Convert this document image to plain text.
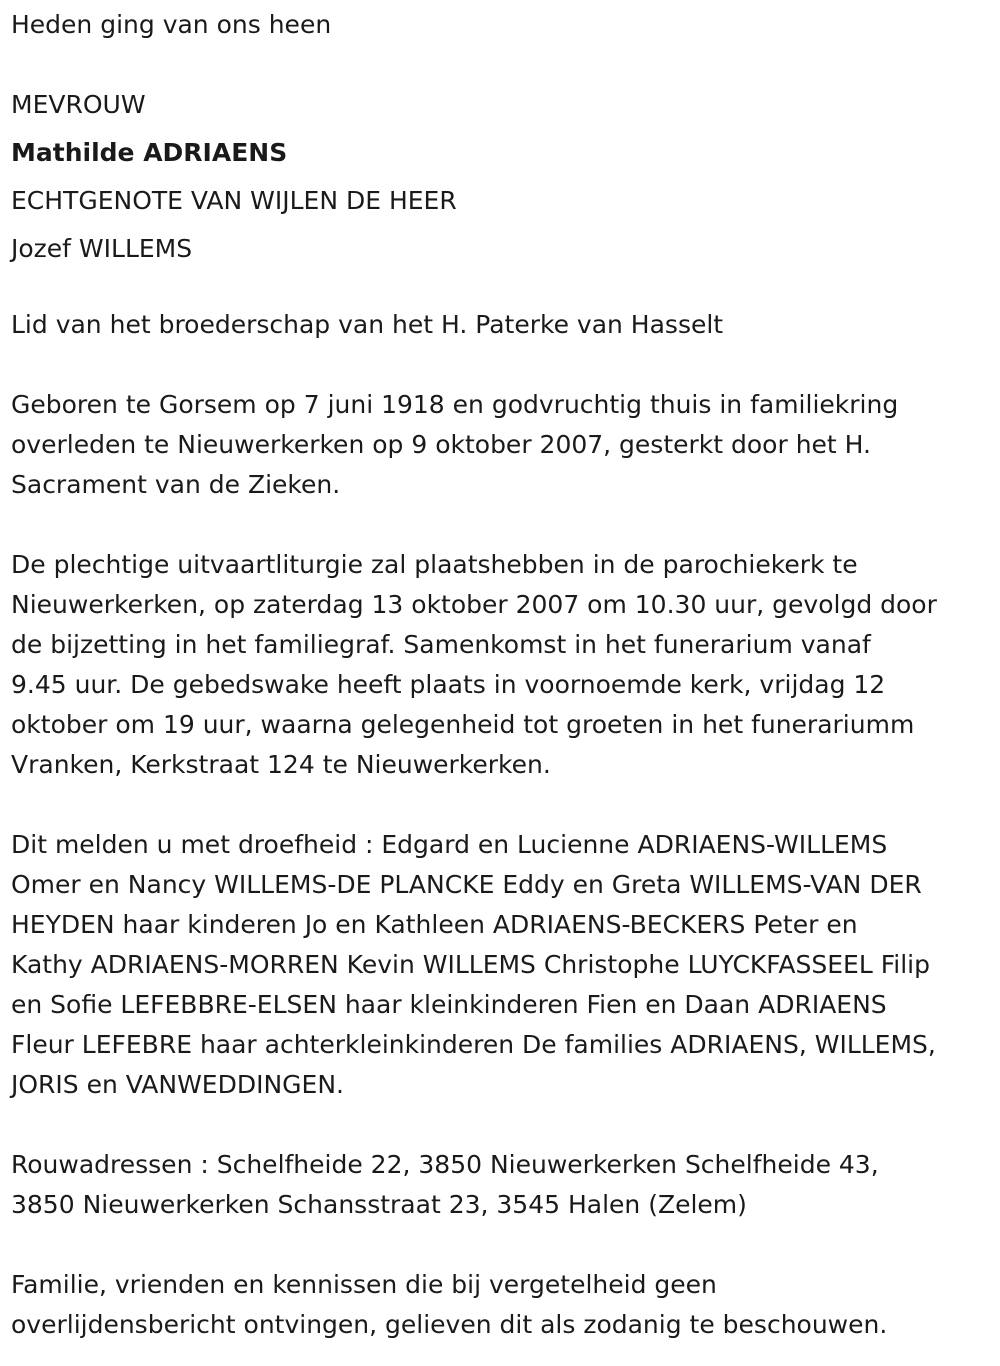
Heden ging van ons heen
MEVROUW
Mathilde ADRIAENS
ECHTGENOTE VAN WIJLEN DE HEER
Jozef WILLEMS
Lid van het broederschap van het H. Paterke van Hasselt
Geboren te Gorsem op 7 juni 1918 en godvruchtig thuis in familiekring
overleden te Nieuwerkerken op 9 oktober 2007, gesterkt door het H.
Sacrament van de Zieken.
De plechtige uitvaartliturgie zal plaatshebben in de parochiekerk te
Nieuwerkerken, op zaterdag 13 oktober 2007 om 10.30 uur, gevolgd door
de bijzetting in het familiegraf. Samenkomst in het funerarium vanaf
9.45 uur. De gebedswake heeft plaats in voornoemde kerk, vrijdag 12
oktober om 19 uur, waarna gelegenheid tot groeten in het funerariumm
Vranken, Kerkstraat 124 te Nieuwerkerken.
Dit melden u met droefheid : Edgard en Lucienne ADRIAENS-WILLEMS
Omer en Nancy WILLEMS-DE PLANCKE Eddy en Greta WILLEMS-VAN DER
HEYDEN haar kinderen Jo en Kathleen ADRIAENS-BECKERS Peter en
Kathy ADRIAENS-MORREN Kevin WILLEMS Christophe LUYCKFASSEEL Filip
en Sofie LEFEBBRE-ELSEN haar kleinkinderen Fien en Daan ADRIAENS
Fleur LEFEBRE haar achterkleinkinderen De families ADRIAENS, WILLEMS,
JORIS en VANWEDDINGEN.
Rouwadressen : Schelfheide 22, 3850 Nieuwerkerken Schelfheide 43,
3850 Nieuwerkerken Schansstraat 23, 3545 Halen (Zelem)
Familie, vrienden en kennissen die bij vergetelheid geen
overlijdensbericht ontvingen, gelieven dit als zodanig te beschouwen.
